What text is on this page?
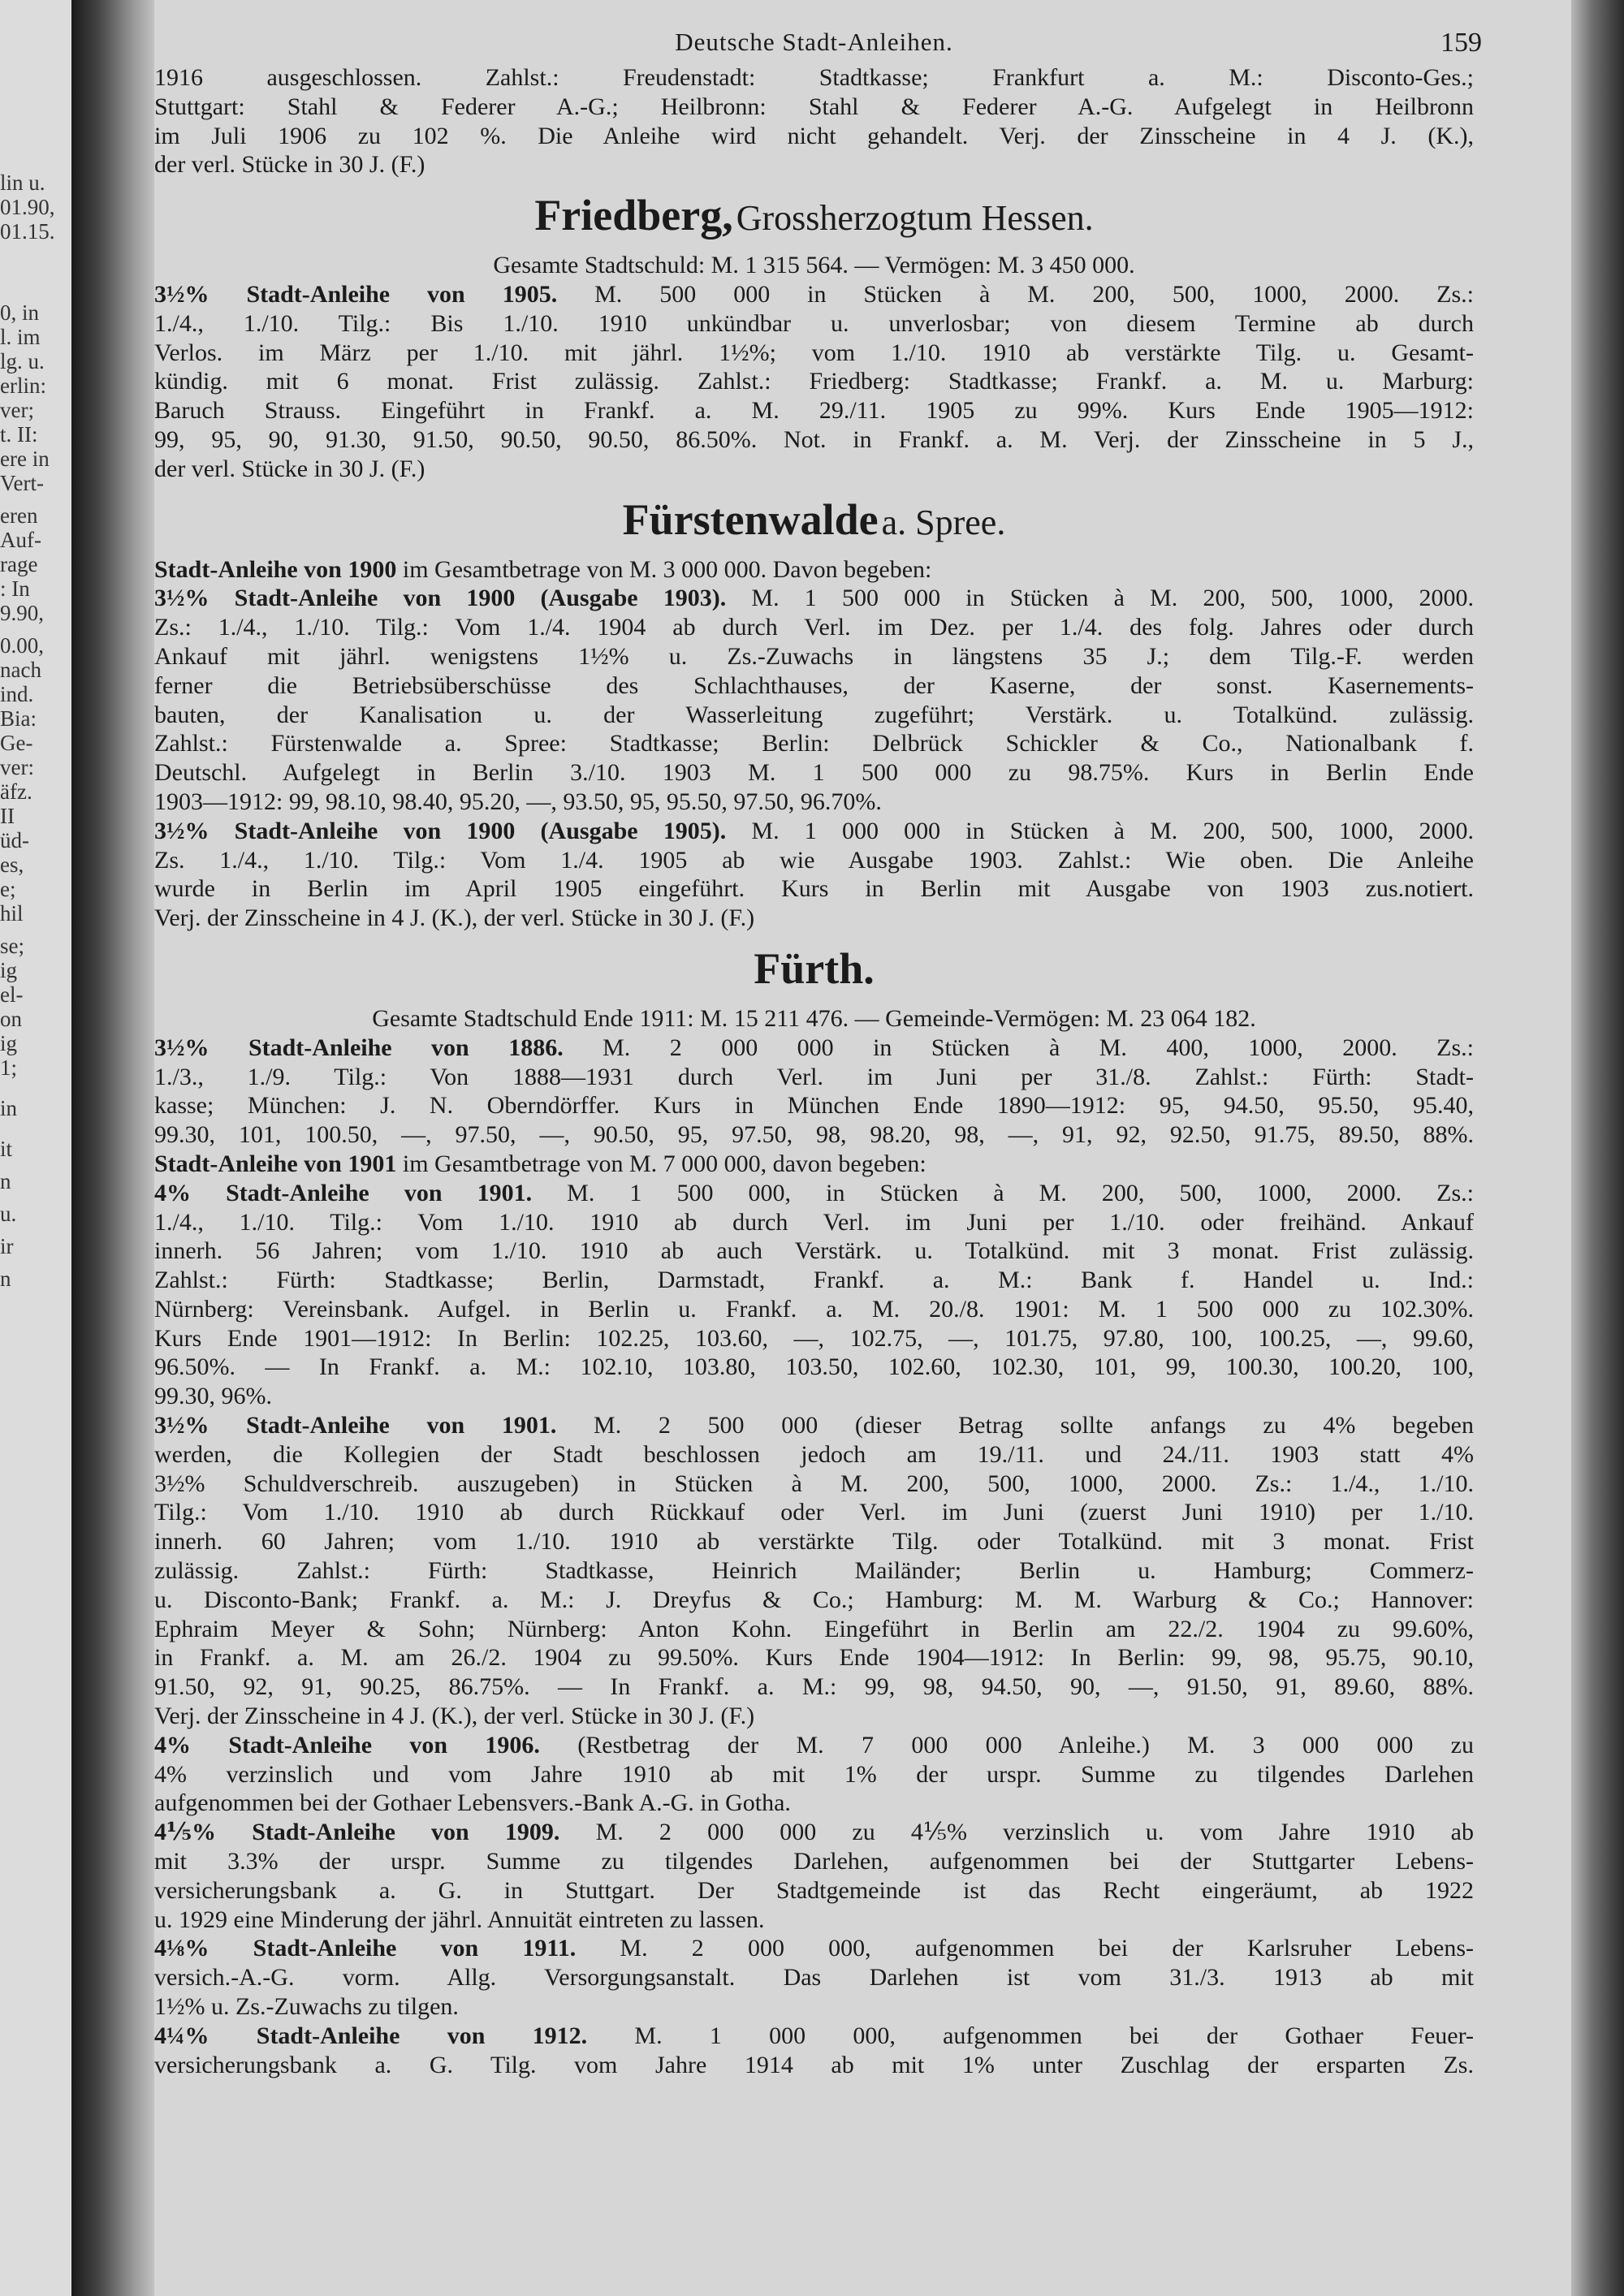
lin u.
01.90,
01.15.
0, in
l. im
lg. u.
erlin:
ver;
t. II:
ere in
Vert-
eren
Auf-
rage
: In
9.90,
0.00,
nach
ind.
Bia:
Ge-
ver:
äfz.
II
üd-
es,
e;
hil
se;
ig
el-
on
ig
1;
in
it
n
u.
ir
n
Deutsche Stadt-Anleihen.	159
1916 ausgeschlossen. Zahlst.: Freudenstadt: Stadtkasse; Frankfurt a. M.: Disconto-Ges.;
Stuttgart: Stahl & Federer A.-G.; Heilbronn: Stahl & Federer A.-G. Aufgelegt in Heilbronn
im Juli 1906 zu 102 %. Die Anleihe wird nicht gehandelt. Verj. der Zinsscheine in 4 J. (K.),
der verl. Stücke in 30 J. (F.)
Friedberg, Grossherzogtum Hessen.
Gesamte Stadtschuld: M. 1 315 564. — Vermögen: M. 3 450 000.
3½% Stadt-Anleihe von 1905. M. 500 000 in Stücken à M. 200, 500, 1000, 2000. Zs.:
1./4., 1./10. Tilg.: Bis 1./10. 1910 unkündbar u. unverlosbar; von diesem Termine ab durch
Verlos. im März per 1./10. mit jährl. 1½%; vom 1./10. 1910 ab verstärkte Tilg. u. Gesamt-
kündig. mit 6 monat. Frist zulässig. Zahlst.: Friedberg: Stadtkasse; Frankf. a. M. u. Marburg:
Baruch Strauss. Eingeführt in Frankf. a. M. 29./11. 1905 zu 99%. Kurs Ende 1905—1912:
99, 95, 90, 91.30, 91.50, 90.50, 90.50, 86.50%. Not. in Frankf. a. M. Verj. der Zinsscheine in 5 J.,
der verl. Stücke in 30 J. (F.)
Fürstenwalde a. Spree.
Stadt-Anleihe von 1900 im Gesamtbetrage von M. 3 000 000. Davon begeben:
3½% Stadt-Anleihe von 1900 (Ausgabe 1903). M. 1 500 000 in Stücken à M. 200, 500, 1000, 2000.
Zs.: 1./4., 1./10. Tilg.: Vom 1./4. 1904 ab durch Verl. im Dez. per 1./4. des folg. Jahres oder durch
Ankauf mit jährl. wenigstens 1½% u. Zs.-Zuwachs in längstens 35 J.; dem Tilg.-F. werden
ferner die Betriebsüberschüsse des Schlachthauses, der Kaserne, der sonst. Kasernements-
bauten, der Kanalisation u. der Wasserleitung zugeführt; Verstärk. u. Totalkünd. zulässig.
Zahlst.: Fürstenwalde a. Spree: Stadtkasse; Berlin: Delbrück Schickler & Co., Nationalbank f.
Deutschl. Aufgelegt in Berlin 3./10. 1903 M. 1 500 000 zu 98.75%. Kurs in Berlin Ende
1903—1912: 99, 98.10, 98.40, 95.20, —, 93.50, 95, 95.50, 97.50, 96.70%.
3½% Stadt-Anleihe von 1900 (Ausgabe 1905). M. 1 000 000 in Stücken à M. 200, 500, 1000, 2000.
Zs. 1./4., 1./10. Tilg.: Vom 1./4. 1905 ab wie Ausgabe 1903. Zahlst.: Wie oben. Die Anleihe
wurde in Berlin im April 1905 eingeführt. Kurs in Berlin mit Ausgabe von 1903 zus.notiert.
Verj. der Zinsscheine in 4 J. (K.), der verl. Stücke in 30 J. (F.)
Fürth.
Gesamte Stadtschuld Ende 1911: M. 15 211 476. — Gemeinde-Vermögen: M. 23 064 182.
3½% Stadt-Anleihe von 1886. M. 2 000 000 in Stücken à M. 400, 1000, 2000. Zs.:
1./3., 1./9. Tilg.: Von 1888—1931 durch Verl. im Juni per 31./8. Zahlst.: Fürth: Stadt-
kasse; München: J. N. Oberndörffer. Kurs in München Ende 1890—1912: 95, 94.50, 95.50, 95.40,
99.30, 101, 100.50, —, 97.50, —, 90.50, 95, 97.50, 98, 98.20, 98, —, 91, 92, 92.50, 91.75, 89.50, 88%.
Stadt-Anleihe von 1901 im Gesamtbetrage von M. 7 000 000, davon begeben:
4% Stadt-Anleihe von 1901. M. 1 500 000, in Stücken à M. 200, 500, 1000, 2000. Zs.:
1./4., 1./10. Tilg.: Vom 1./10. 1910 ab durch Verl. im Juni per 1./10. oder freihänd. Ankauf
innerh. 56 Jahren; vom 1./10. 1910 ab auch Verstärk. u. Totalkünd. mit 3 monat. Frist zulässig.
Zahlst.: Fürth: Stadtkasse; Berlin, Darmstadt, Frankf. a. M.: Bank f. Handel u. Ind.:
Nürnberg: Vereinsbank. Aufgel. in Berlin u. Frankf. a. M. 20./8. 1901: M. 1 500 000 zu 102.30%.
Kurs Ende 1901—1912: In Berlin: 102.25, 103.60, —, 102.75, —, 101.75, 97.80, 100, 100.25, —, 99.60,
96.50%. — In Frankf. a. M.: 102.10, 103.80, 103.50, 102.60, 102.30, 101, 99, 100.30, 100.20, 100,
99.30, 96%.
3½% Stadt-Anleihe von 1901. M. 2 500 000 (dieser Betrag sollte anfangs zu 4% begeben
werden, die Kollegien der Stadt beschlossen jedoch am 19./11. und 24./11. 1903 statt 4%
3½% Schuldverschreib. auszugeben) in Stücken à M. 200, 500, 1000, 2000. Zs.: 1./4., 1./10.
Tilg.: Vom 1./10. 1910 ab durch Rückkauf oder Verl. im Juni (zuerst Juni 1910) per 1./10.
innerh. 60 Jahren; vom 1./10. 1910 ab verstärkte Tilg. oder Totalkünd. mit 3 monat. Frist
zulässig. Zahlst.: Fürth: Stadtkasse, Heinrich Mailänder; Berlin u. Hamburg; Commerz-
u. Disconto-Bank; Frankf. a. M.: J. Dreyfus & Co.; Hamburg: M. M. Warburg & Co.; Hannover:
Ephraim Meyer & Sohn; Nürnberg: Anton Kohn. Eingeführt in Berlin am 22./2. 1904 zu 99.60%,
in Frankf. a. M. am 26./2. 1904 zu 99.50%. Kurs Ende 1904—1912: In Berlin: 99, 98, 95.75, 90.10,
91.50, 92, 91, 90.25, 86.75%. — In Frankf. a. M.: 99, 98, 94.50, 90, —, 91.50, 91, 89.60, 88%.
Verj. der Zinsscheine in 4 J. (K.), der verl. Stücke in 30 J. (F.)
4% Stadt-Anleihe von 1906. (Restbetrag der M. 7 000 000 Anleihe.) M. 3 000 000 zu
4% verzinslich und vom Jahre 1910 ab mit 1% der urspr. Summe zu tilgendes Darlehen
aufgenommen bei der Gothaer Lebensvers.-Bank A.-G. in Gotha.
4⅕% Stadt-Anleihe von 1909. M. 2 000 000 zu 4⅕% verzinslich u. vom Jahre 1910 ab
mit 3.3% der urspr. Summe zu tilgendes Darlehen, aufgenommen bei der Stuttgarter Lebens-
versicherungsbank a. G. in Stuttgart. Der Stadtgemeinde ist das Recht eingeräumt, ab 1922
u. 1929 eine Minderung der jährl. Annuität eintreten zu lassen.
4⅛% Stadt-Anleihe von 1911. M. 2 000 000, aufgenommen bei der Karlsruher Lebens-
versich.-A.-G. vorm. Allg. Versorgungsanstalt. Das Darlehen ist vom 31./3. 1913 ab mit
1½% u. Zs.-Zuwachs zu tilgen.
4¼% Stadt-Anleihe von 1912. M. 1 000 000, aufgenommen bei der Gothaer Feuer-
versicherungsbank a. G. Tilg. vom Jahre 1914 ab mit 1% unter Zuschlag der ersparten Zs.
